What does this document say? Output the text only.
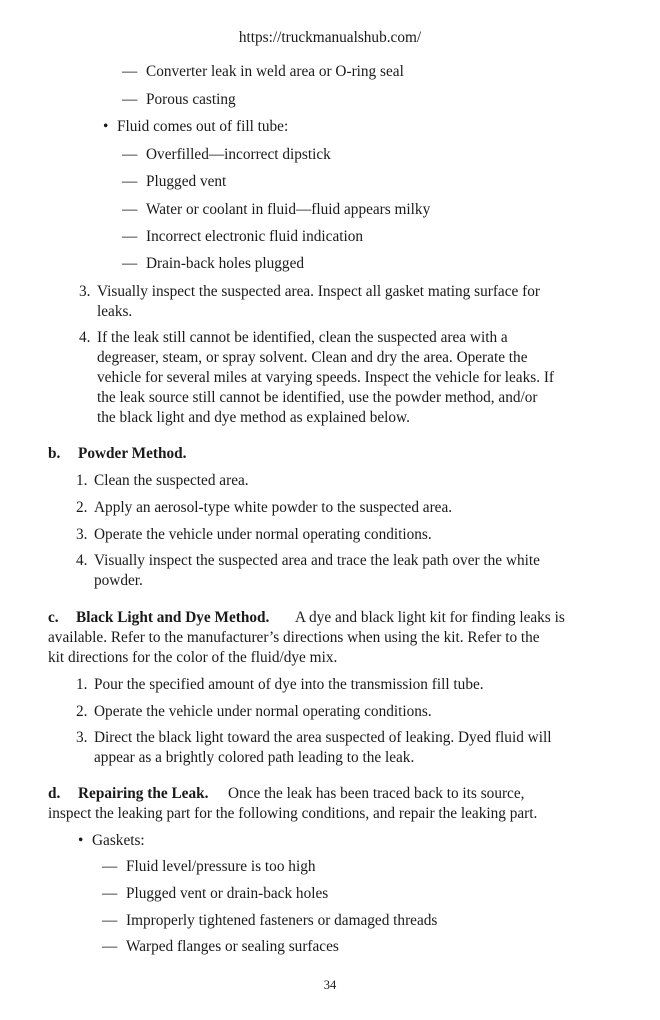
https://truckmanualshub.com/
— Converter leak in weld area or O-ring seal
— Porous casting
• Fluid comes out of fill tube:
— Overfilled—incorrect dipstick
— Plugged vent
— Water or coolant in fluid—fluid appears milky
— Incorrect electronic fluid indication
— Drain-back holes plugged
3. Visually inspect the suspected area. Inspect all gasket mating surface for
leaks.
4. If the leak still cannot be identified, clean the suspected area with a
degreaser, steam, or spray solvent. Clean and dry the area. Operate the
vehicle for several miles at varying speeds. Inspect the vehicle for leaks. If
the leak source still cannot be identified, use the powder method, and/or
the black light and dye method as explained below.
b. Powder Method.
1. Clean the suspected area.
2. Apply an aerosol-type white powder to the suspected area.
3. Operate the vehicle under normal operating conditions.
4. Visually inspect the suspected area and trace the leak path over the white
powder.
c. Black Light and Dye Method. A dye and black light kit for finding leaks is
available. Refer to the manufacturer’s directions when using the kit. Refer to the
kit directions for the color of the fluid/dye mix.
1. Pour the specified amount of dye into the transmission fill tube.
2. Operate the vehicle under normal operating conditions.
3. Direct the black light toward the area suspected of leaking. Dyed fluid will
appear as a brightly colored path leading to the leak.
d. Repairing the Leak. Once the leak has been traced back to its source,
inspect the leaking part for the following conditions, and repair the leaking part.
• Gaskets:
— Fluid level/pressure is too high
— Plugged vent or drain-back holes
— Improperly tightened fasteners or damaged threads
— Warped flanges or sealing surfaces
34
